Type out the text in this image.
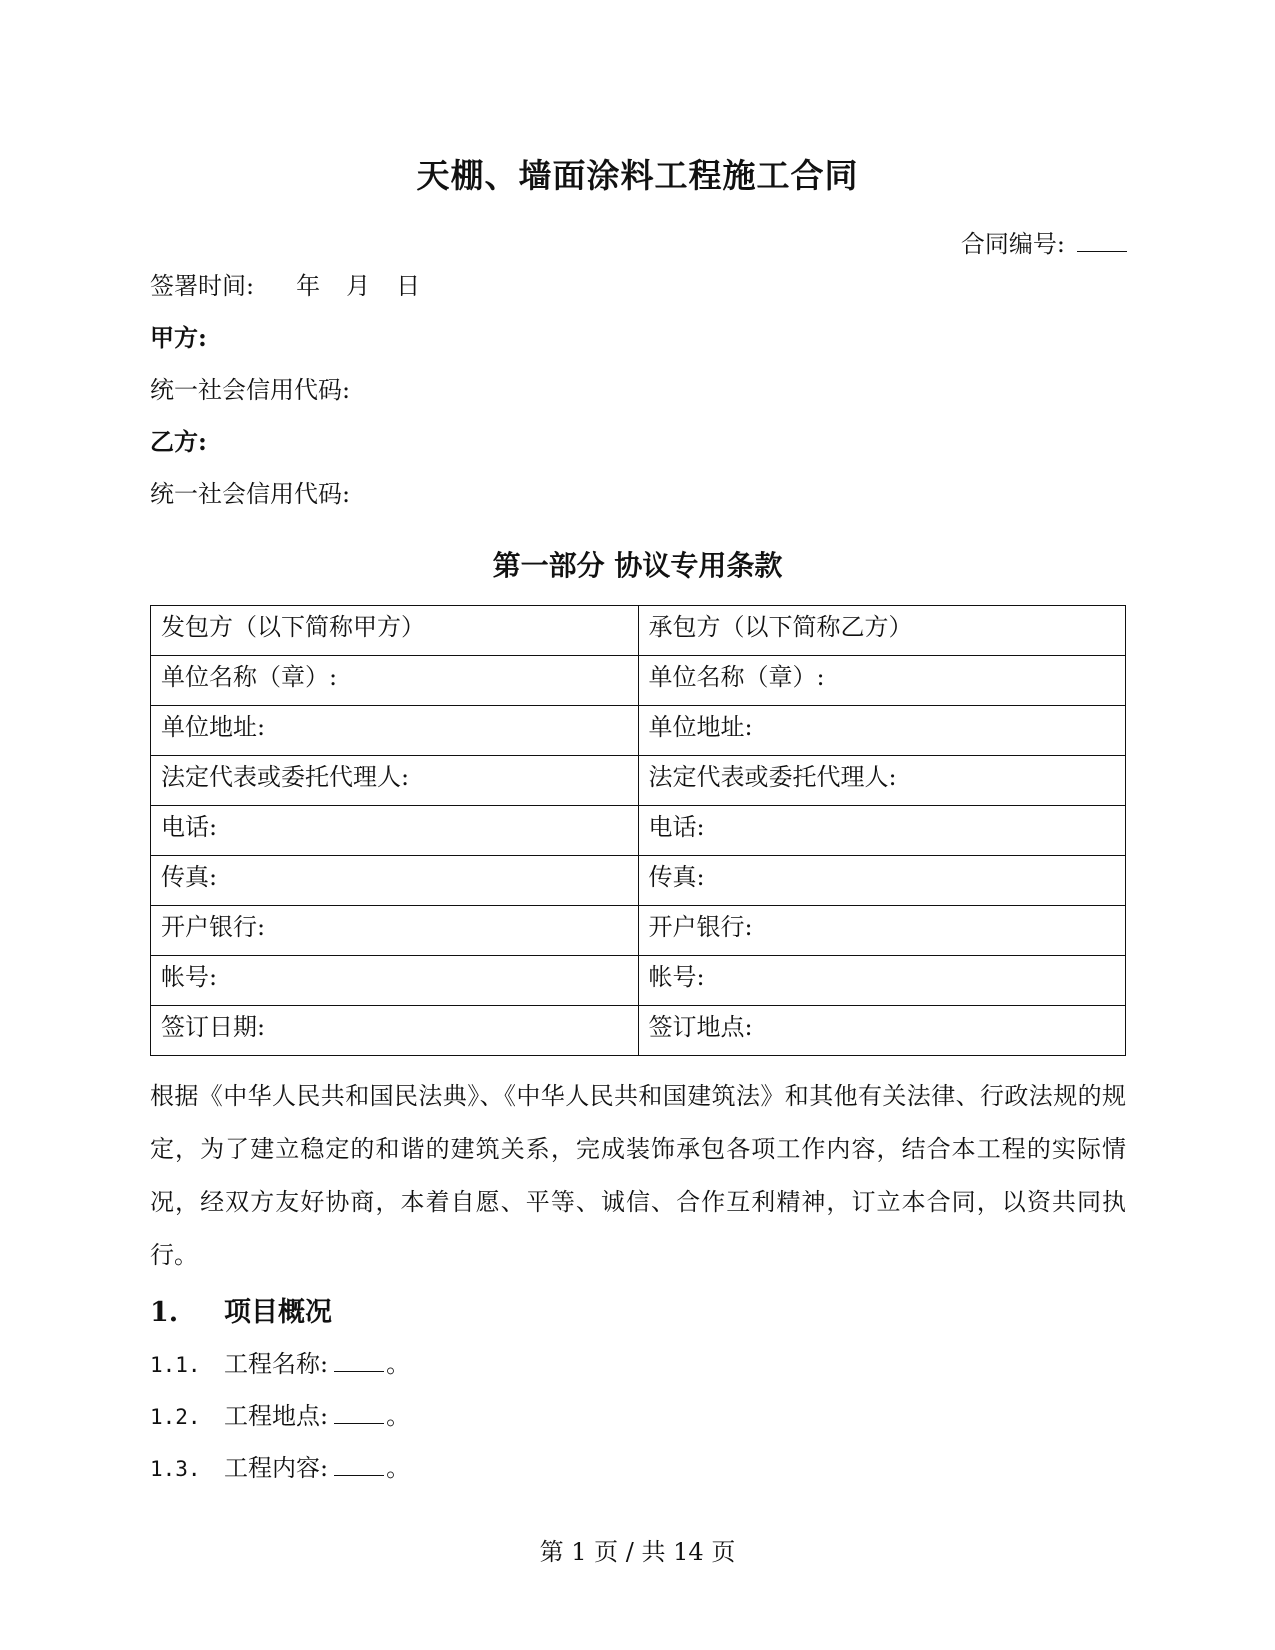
天棚、墙面涂料工程施工合同
合同编号:
签署时间: 年 月 日
甲方:
统一社会信用代码:
乙方:
统一社会信用代码:
第一部分 协议专用条款
发包方（以下简称甲方）	承包方（以下简称乙方）
单位名称（章）:	单位名称（章）:
单位地址:	单位地址:
法定代表或委托代理人:	法定代表或委托代理人:
电话:	电话:
传真:	传真:
开户银行:	开户银行:
帐号:	帐号:
签订日期:	签订地点:
根据《中华人民共和国民法典》、《中华人民共和国建筑法》和其他有关法律、行政法规的规定，为了建立稳定的和谐的建筑关系，完成装饰承包各项工作内容，结合本工程的实际情况，经双方友好协商，本着自愿、平等、诚信、合作互利精神，订立本合同，以资共同执行。
1. 项目概况
1.1. 工程名称: 。
1.2. 工程地点: 。
1.3. 工程内容: 。
第 1 页 / 共 14 页
